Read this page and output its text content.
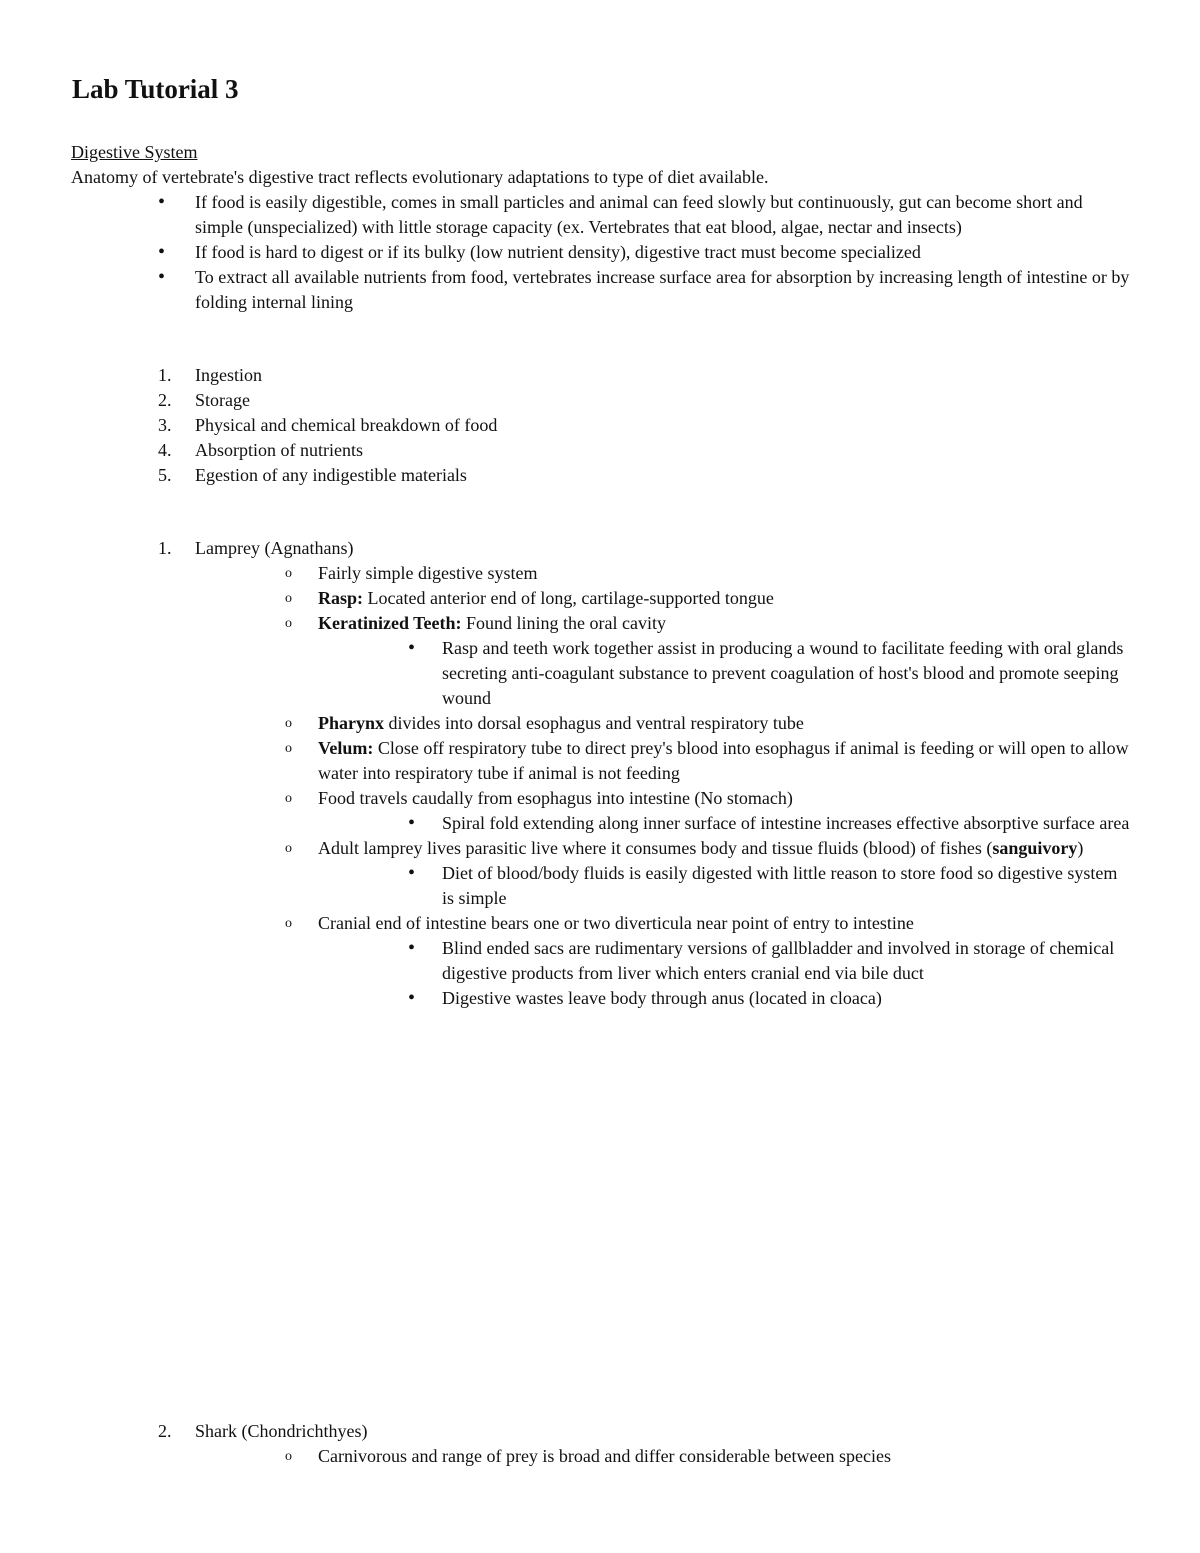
Lab Tutorial 3
Digestive System
Anatomy of vertebrate's digestive tract reflects evolutionary adaptations to type of diet available.
• If food is easily digestible, comes in small particles and animal can feed slowly but continuously, gut can become short and simple (unspecialized) with little storage capacity (ex. Vertebrates that eat blood, algae, nectar and insects)
• If food is hard to digest or if its bulky (low nutrient density), digestive tract must become specialized
• To extract all available nutrients from food, vertebrates increase surface area for absorption by increasing length of intestine or by folding internal lining
1.	Ingestion
2.	Storage
3.	Physical and chemical breakdown of food
4.	Absorption of nutrients
5.	Egestion of any indigestible materials
1.	Lamprey (Agnathans)
o Fairly simple digestive system
o Rasp: Located anterior end of long, cartilage-supported tongue
o Keratinized Teeth: Found lining the oral cavity
• Rasp and teeth work together assist in producing a wound to facilitate feeding with oral glands secreting anti-coagulant substance to prevent coagulation of host's blood and promote seeping wound
o Pharynx divides into dorsal esophagus and ventral respiratory tube
o Velum: Close off respiratory tube to direct prey's blood into esophagus if animal is feeding or will open to allow water into respiratory tube if animal is not feeding
o Food travels caudally from esophagus into intestine (No stomach)
• Spiral fold extending along inner surface of intestine increases effective absorptive surface area
o Adult lamprey lives parasitic live where it consumes body and tissue fluids (blood) of fishes (sanguivory)
• Diet of blood/body fluids is easily digested with little reason to store food so digestive system is simple
o Cranial end of intestine bears one or two diverticula near point of entry to intestine
• Blind ended sacs are rudimentary versions of gallbladder and involved in storage of chemical digestive products from liver which enters cranial end via bile duct
• Digestive wastes leave body through anus (located in cloaca)
2.	Shark (Chondrichthyes)
o Carnivorous and range of prey is broad and differ considerable between species
